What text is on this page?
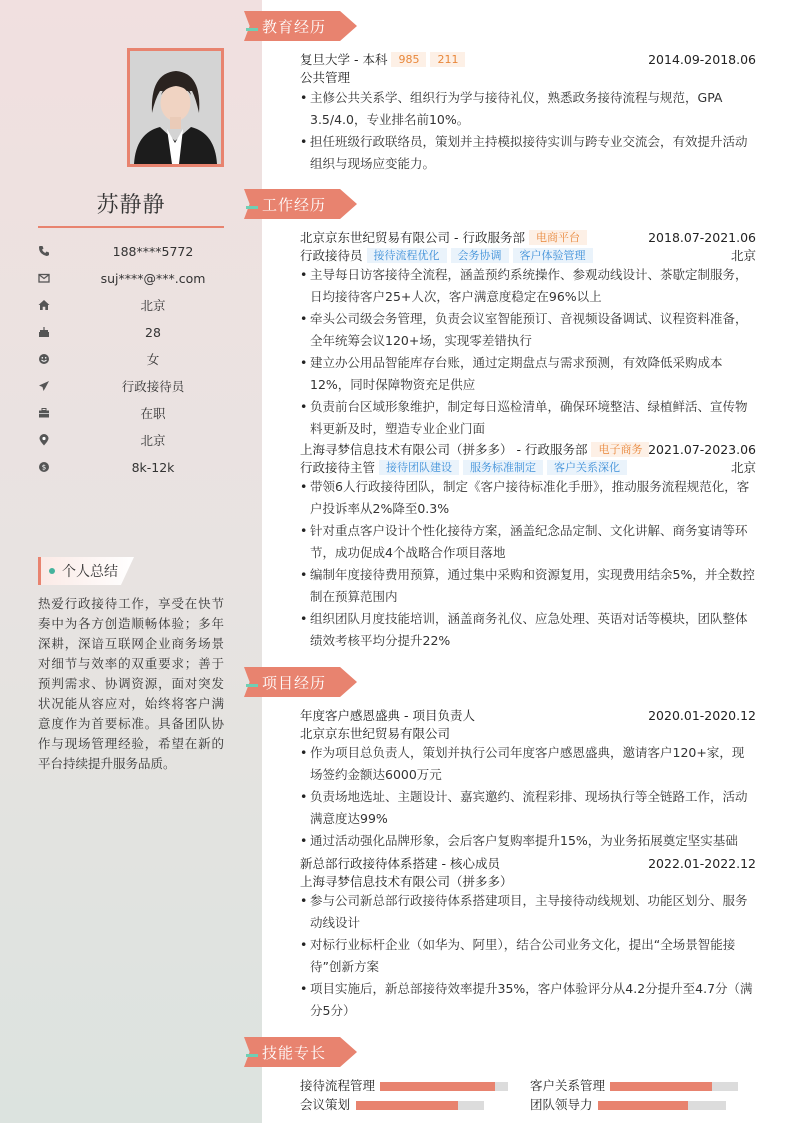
苏静静
188****5772
suj****@***.com
北京
28
女
行政接待员
在职
北京
$	8k-12k
个人总结
热爱行政接待工作，享受在快节奏中为各方创造顺畅体验；多年深耕，深谙互联网企业商务场景对细节与效率的双重要求；善于预判需求、协调资源，面对突发状况能从容应对，始终将客户满意度作为首要标准。具备团队协作与现场管理经验，希望在新的平台持续提升服务品质。
教育经历
复旦大学 - 本科 985 211	2014.09-2018.06
公共管理
• 主修公共关系学、组织行为学与接待礼仪，熟悉政务接待流程与规范，GPA 3.5/4.0，专业排名前10%。
• 担任班级行政联络员，策划并主持模拟接待实训与跨专业交流会，有效提升活动组织与现场应变能力。
工作经历
北京京东世纪贸易有限公司 - 行政服务部 电商平台	2018.07-2021.06
行政接待员 接待流程优化 会务协调 客户体验管理	北京
• 主导每日访客接待全流程，涵盖预约系统操作、参观动线设计、茶歇定制服务，日均接待客户25+人次，客户满意度稳定在96%以上
• 牵头公司级会务管理，负责会议室智能预订、音视频设备调试、议程资料准备，全年统筹会议120+场，实现零差错执行
• 建立办公用品智能库存台账，通过定期盘点与需求预测，有效降低采购成本12%，同时保障物资充足供应
• 负责前台区域形象维护，制定每日巡检清单，确保环境整洁、绿植鲜活、宣传物料更新及时，塑造专业企业门面
上海寻梦信息技术有限公司（拼多多） - 行政服务部 电子商务 2021.07-2023.06
行政接待主管 接待团队建设 服务标准制定 客户关系深化	北京
• 带领6人行政接待团队，制定《客户接待标准化手册》，推动服务流程规范化，客户投诉率从2%降至0.3%
• 针对重点客户设计个性化接待方案，涵盖纪念品定制、文化讲解、商务宴请等环节，成功促成4个战略合作项目落地
• 编制年度接待费用预算，通过集中采购和资源复用，实现费用结余5%，并全数控制在预算范围内
• 组织团队月度技能培训，涵盖商务礼仪、应急处理、英语对话等模块，团队整体绩效考核平均分提升22%
项目经历
年度客户感恩盛典 - 项目负责人	2020.01-2020.12
北京京东世纪贸易有限公司
• 作为项目总负责人，策划并执行公司年度客户感恩盛典，邀请客户120+家，现场签约金额达6000万元
• 负责场地选址、主题设计、嘉宾邀约、流程彩排、现场执行等全链路工作，活动满意度达99%
• 通过活动强化品牌形象，会后客户复购率提升15%，为业务拓展奠定坚实基础
新总部行政接待体系搭建 - 核心成员	2022.01-2022.12
上海寻梦信息技术有限公司（拼多多）
• 参与公司新总部行政接待体系搭建项目，主导接待动线规划、功能区划分、服务动线设计
• 对标行业标杆企业（如华为、阿里），结合公司业务文化，提出“全场景智能接待”创新方案
• 项目实施后，新总部接待效率提升35%，客户体验评分从4.2分提升至4.7分（满分5分）
技能专长
接待流程管理	客户关系管理
会议策划	团队领导力
